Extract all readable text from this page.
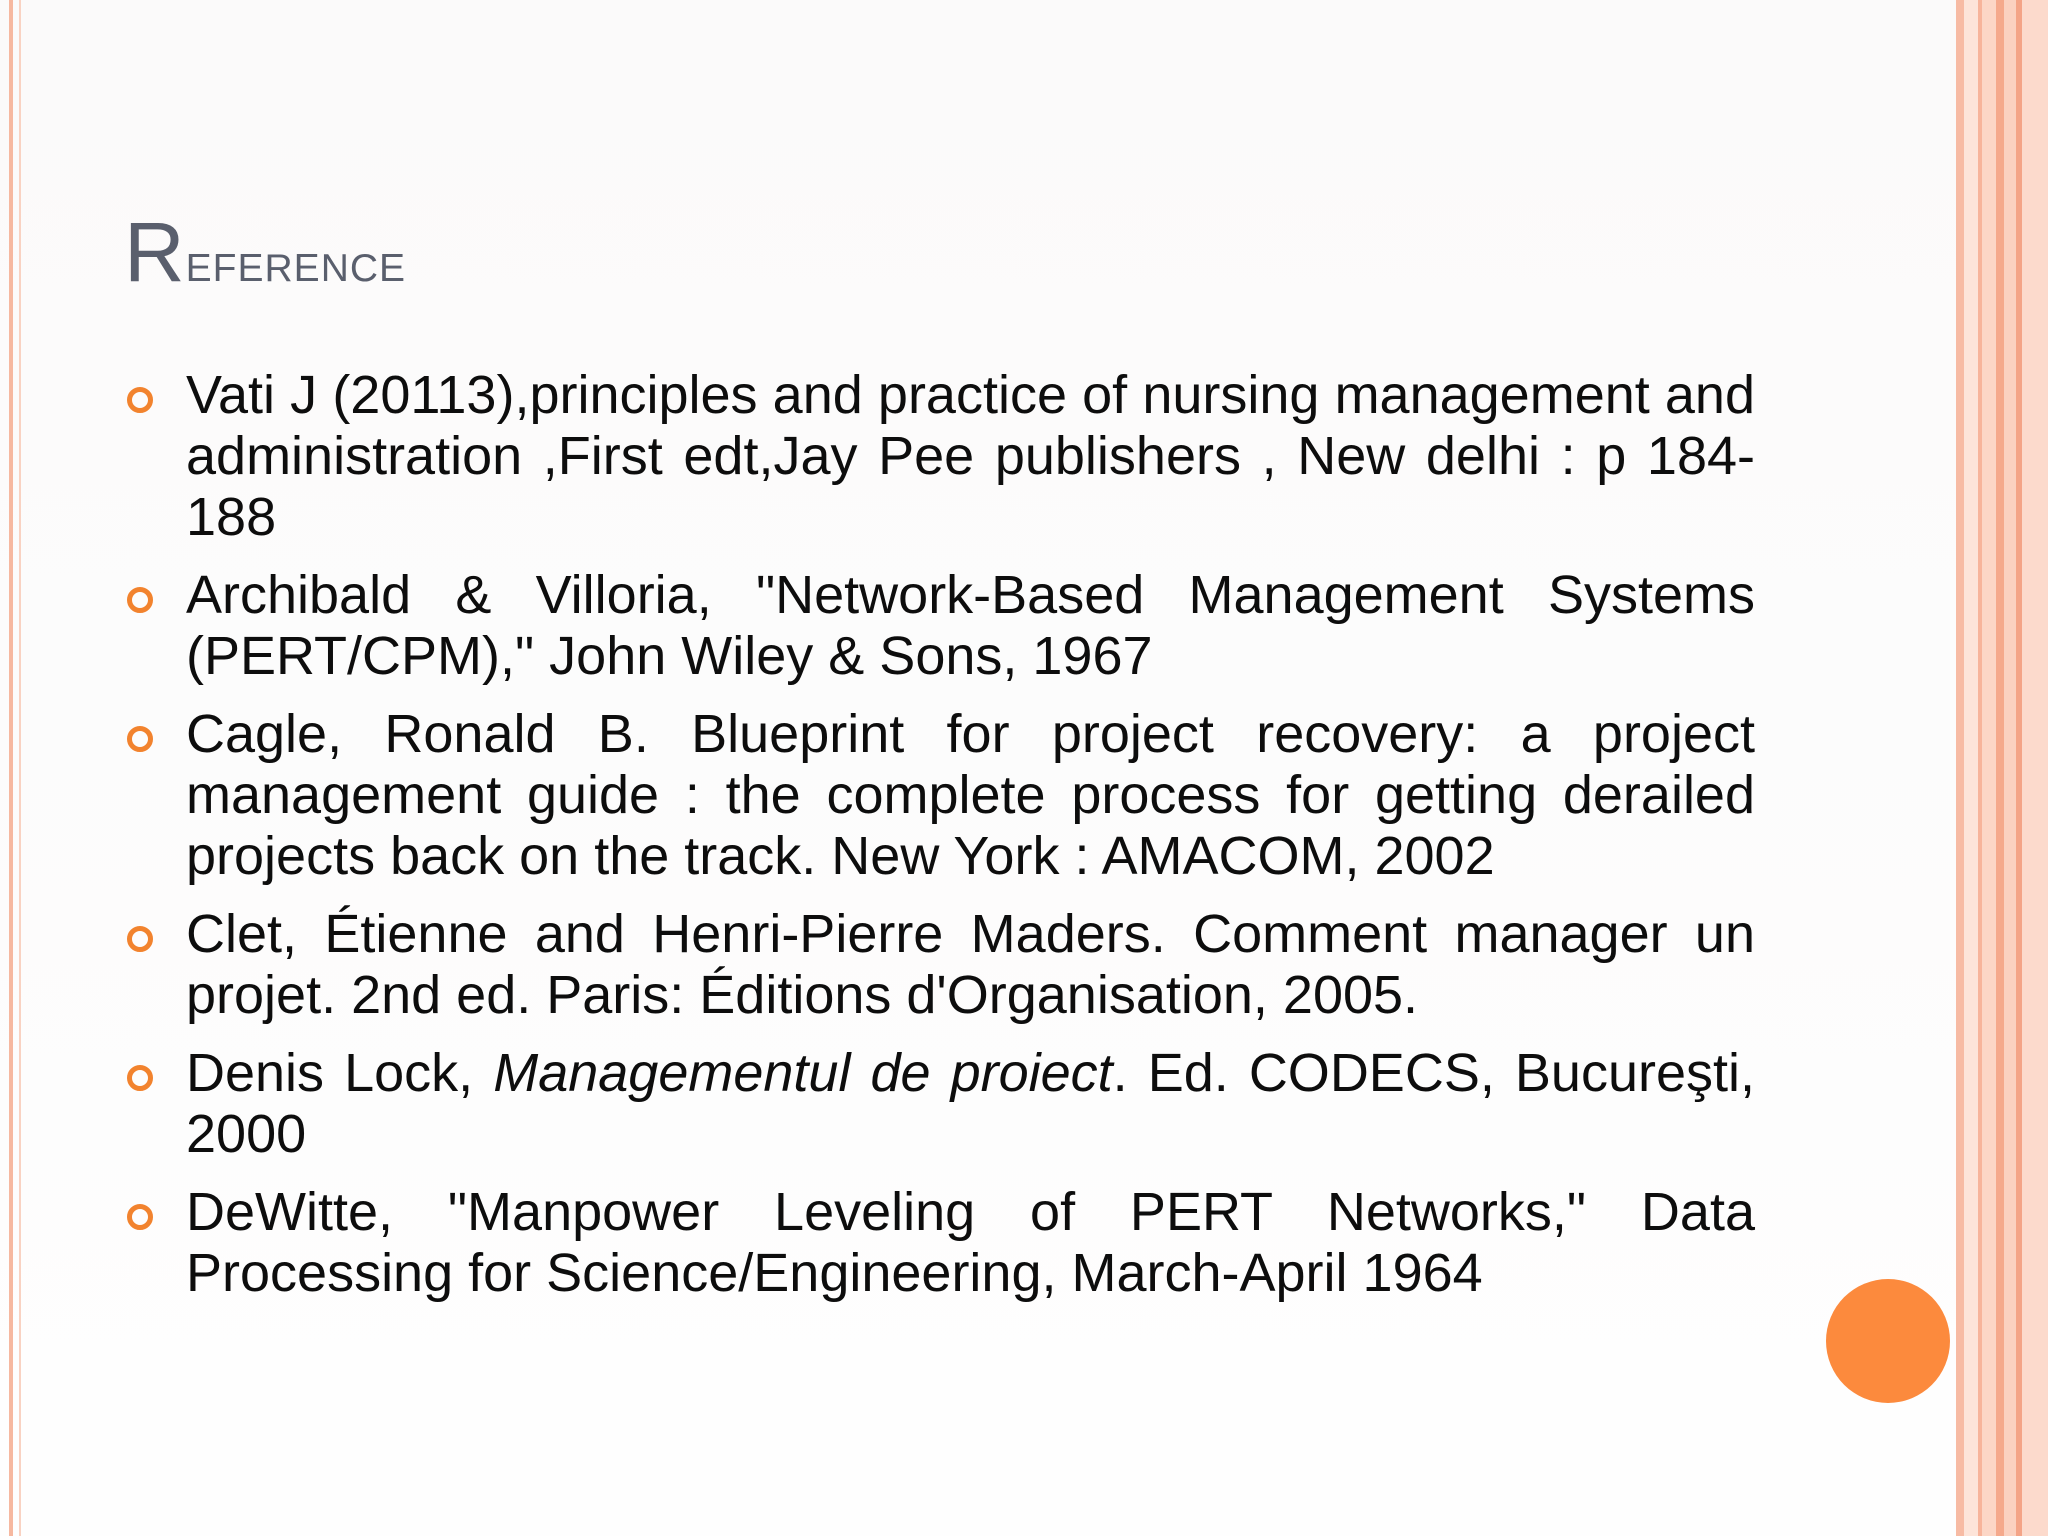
Reference
Vati J (20113),principles and practice of nursing management and administration ,First edt,Jay Pee publishers , New delhi : p 184-188
Archibald & Villoria, "Network-Based Management Systems (PERT/CPM)," John Wiley & Sons, 1967
Cagle, Ronald B. Blueprint for project recovery: a project management guide : the complete process for getting derailed projects back on the track. New York : AMACOM, 2002
Clet, Étienne and Henri-Pierre Maders. Comment manager un projet. 2nd ed. Paris: Éditions d'Organisation, 2005.
Denis Lock, Managementul de proiect. Ed. CODECS, Bucureşti, 2000
DeWitte, "Manpower Leveling of PERT Networks," Data Processing for Science/Engineering, March-April 1964
